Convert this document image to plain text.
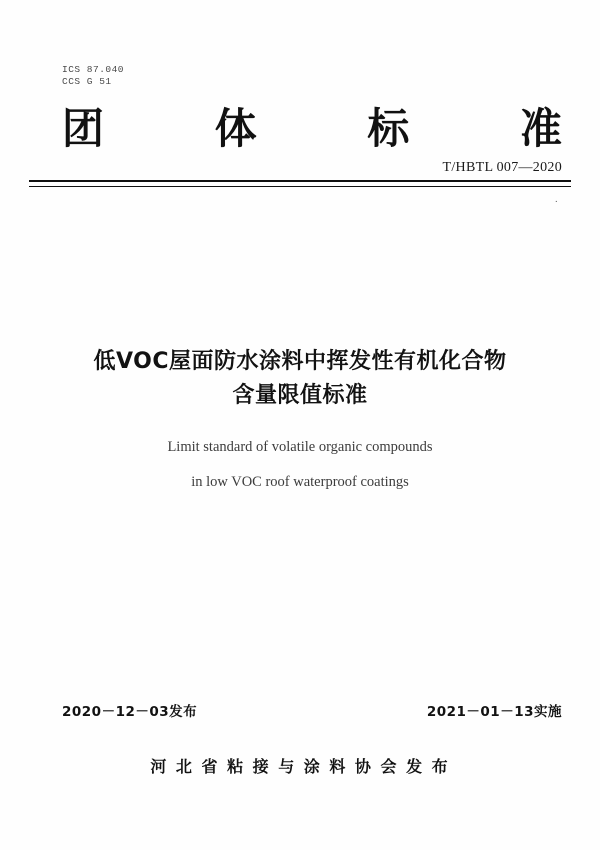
ICS 87.040
CCS G 51
团	体	标	准
T/HBTL 007—2020
·
低VOC屋面防水涂料中挥发性有机化合物
含量限值标准
Limit standard of volatile organic compounds
in low VOC roof waterproof coatings
2020－12－03发布	2021－01－13实施
河 北 省 粘 接 与 涂 料 协 会 发 布
